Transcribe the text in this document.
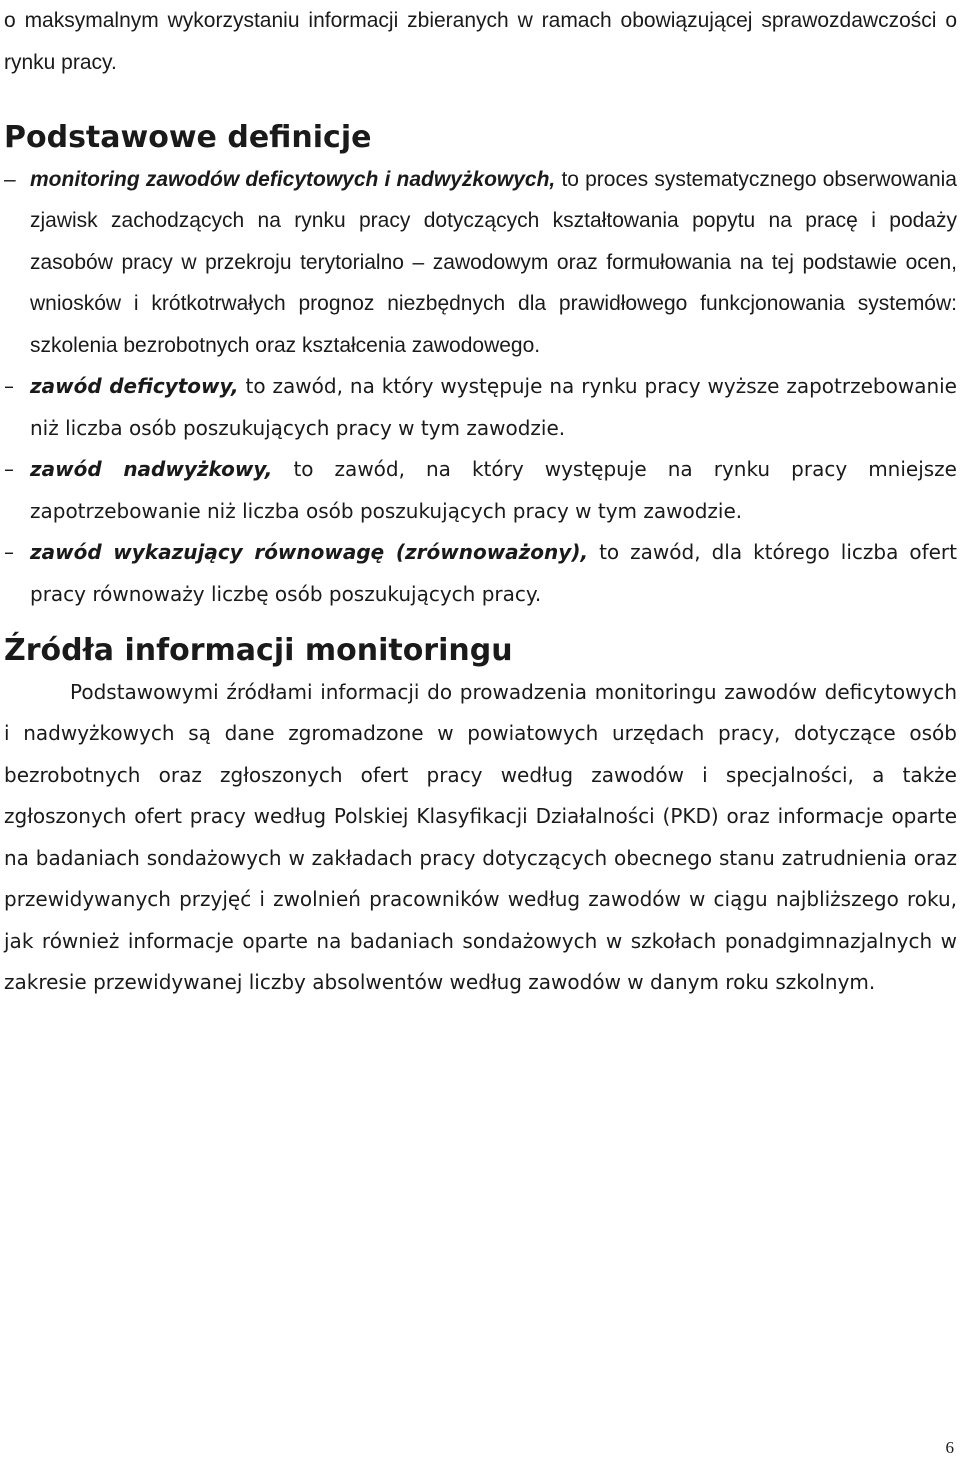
o maksymalnym wykorzystaniu informacji zbieranych w ramach obowiązującej sprawozdawczości o rynku pracy.

Podstawowe definicje

– monitoring zawodów deficytowych i nadwyżkowych, to proces systematycznego obserwowania zjawisk zachodzących na rynku pracy dotyczących kształtowania popytu na pracę i podaży zasobów pracy w przekroju terytorialno – zawodowym oraz formułowania na tej podstawie ocen, wniosków i krótkotrwałych prognoz niezbędnych dla prawidłowego funkcjonowania systemów: szkolenia bezrobotnych oraz kształcenia zawodowego.

– zawód deficytowy, to zawód, na który występuje na rynku pracy wyższe zapotrzebowanie niż liczba osób poszukujących pracy w tym zawodzie.

– zawód nadwyżkowy, to zawód, na który występuje na rynku pracy mniejsze zapotrzebowanie niż liczba osób poszukujących pracy w tym zawodzie.

– zawód wykazujący równowagę (zrównoważony), to zawód, dla którego liczba ofert pracy równoważy liczbę osób poszukujących pracy.

Źródła informacji monitoringu

Podstawowymi źródłami informacji do prowadzenia monitoringu zawodów deficytowych i nadwyżkowych są dane zgromadzone w powiatowych urzędach pracy, dotyczące osób bezrobotnych oraz zgłoszonych ofert pracy według zawodów i specjalności, a także zgłoszonych ofert pracy według Polskiej Klasyfikacji Działalności (PKD) oraz informacje oparte na badaniach sondażowych w zakładach pracy dotyczących obecnego stanu zatrudnienia oraz przewidywanych przyjęć i zwolnień pracowników według zawodów w ciągu najbliższego roku, jak również informacje oparte na badaniach sondażowych w szkołach ponadgimnazjalnych w zakresie przewidywanej liczby absolwentów według zawodów w danym roku szkolnym.

6
